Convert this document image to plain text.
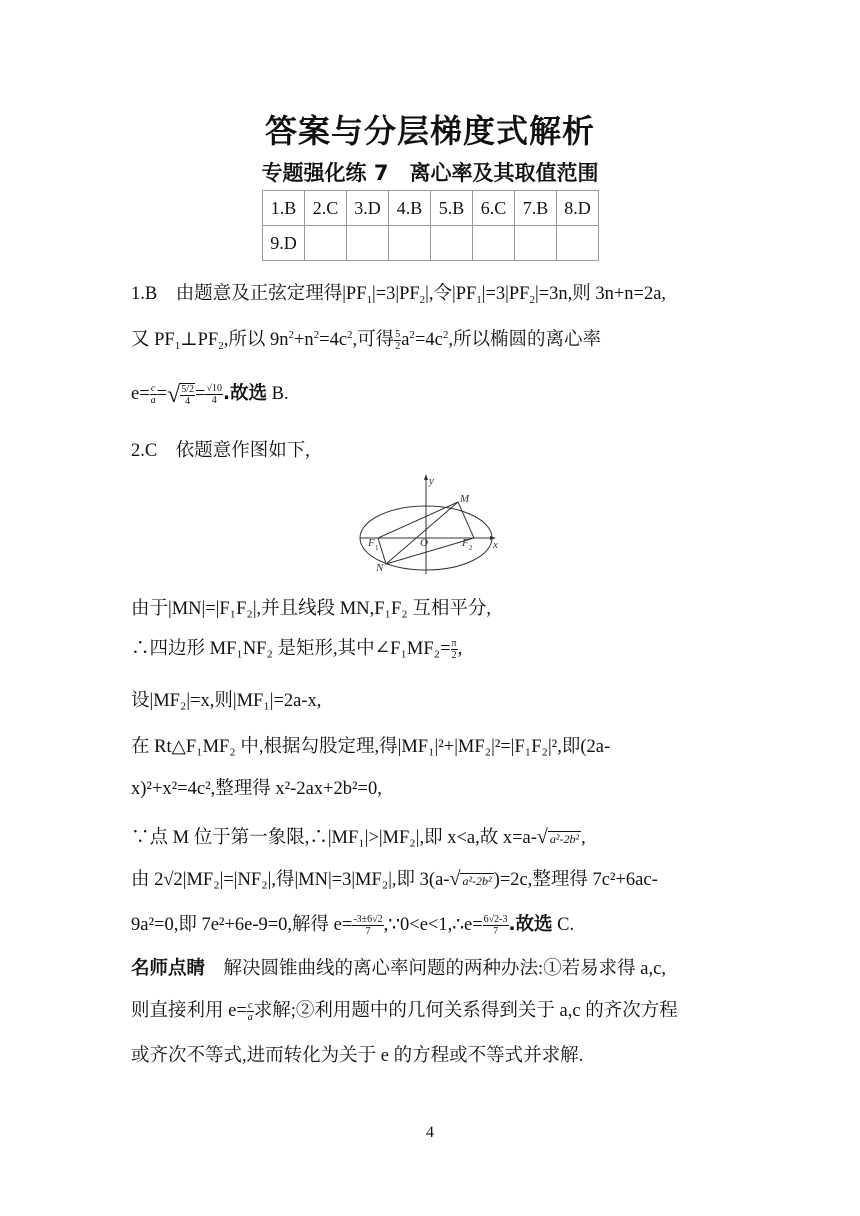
答案与分层梯度式解析
专题强化练 7　离心率及其取值范围
1.B	2.C	3.D	4.B	5.B	6.C	7.B	8.D
9.D							
1.B　由题意及正弦定理得$|PF_1|=3|PF_2|$,令$|PF_1|=3|PF_2|=3n$,则 3n+n=2a,
又 $PF_1\perp PF_2$,所以 $9n^2+n^2=4c^2$,可得 $\frac{5}{2} a^2=4c^2$,所以椭圆的离心率
$e= \frac{c}{a}$ =√ $\frac{5/2}{4} = \frac{√10}{4}$ .故选 B.
2.C　依题意作图如下,
y
x
M
N
O
F 1	F 2
由于|MN|=|F₁F₂|,并且线段 MN,F₁F₂ 互相平分,
∴四边形 MF₁NF₂ 是矩形,其中∠F₁MF₂= $\frac{\pi}{2}$ ,
设|MF₂|=x,则|MF₁|=2a-x,
在 Rt△F₁MF₂ 中,根据勾股定理,得|MF₁|²+|MF₂|²=|F₁F₂|²,即(2a-
x)²+x²=4c²,整理得 x²-2ax+2b²=0,
∵点 M 位于第一象限,∴|MF₁|>|MF₂|,即 x<a,故 x=a-√ a²-2b² ,
由 2√2|MF₂|=|NF₂|,得|MN|=3|MF₂|,即 3(a-√ a²-2b² )=2c,整理得 7c²+6ac-
9a²=0,即 7e²+6e-9=0,解得 $e= \frac{-3\pm 6√2}{7}$ ,∵0<e<1,∴e= $\frac{6√2-3}{7}$ .故选 C.
名师点睛　解决圆锥曲线的离心率问题的两种办法:①若易求得 a,c,
则直接利用 $e= \frac{c}{a}$ 求解;②利用题中的几何关系得到关于 a,c 的齐次方程
或齐次不等式,进而转化为关于 e 的方程或不等式并求解.
4
